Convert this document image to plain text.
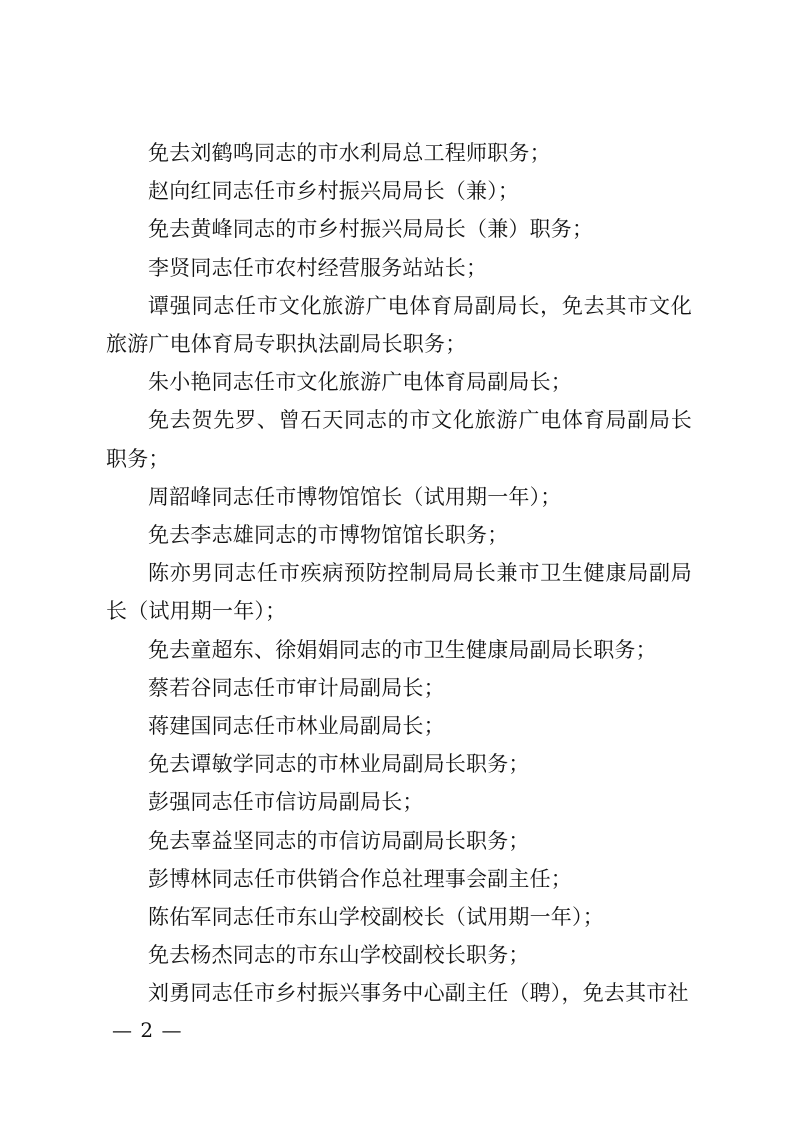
免去刘鹤鸣同志的市水利局总工程师职务；

赵向红同志任市乡村振兴局局长（兼）；

免去黄峰同志的市乡村振兴局局长（兼）职务；

李贤同志任市农村经营服务站站长；

谭强同志任市文化旅游广电体育局副局长，免去其市文化旅游广电体育局专职执法副局长职务；

朱小艳同志任市文化旅游广电体育局副局长；

免去贺先罗、曾石天同志的市文化旅游广电体育局副局长职务；

周韶峰同志任市博物馆馆长（试用期一年）；

免去李志雄同志的市博物馆馆长职务；

陈亦男同志任市疾病预防控制局局长兼市卫生健康局副局长（试用期一年）；

免去童超东、徐娟娟同志的市卫生健康局副局长职务；

蔡若谷同志任市审计局副局长；

蒋建国同志任市林业局副局长；

免去谭敏学同志的市林业局副局长职务；

彭强同志任市信访局副局长；

免去辜益坚同志的市信访局副局长职务；

彭博林同志任市供销合作总社理事会副主任；

陈佑军同志任市东山学校副校长（试用期一年）；

免去杨杰同志的市东山学校副校长职务；

刘勇同志任市乡村振兴事务中心副主任（聘），免去其市社

— 2 —
